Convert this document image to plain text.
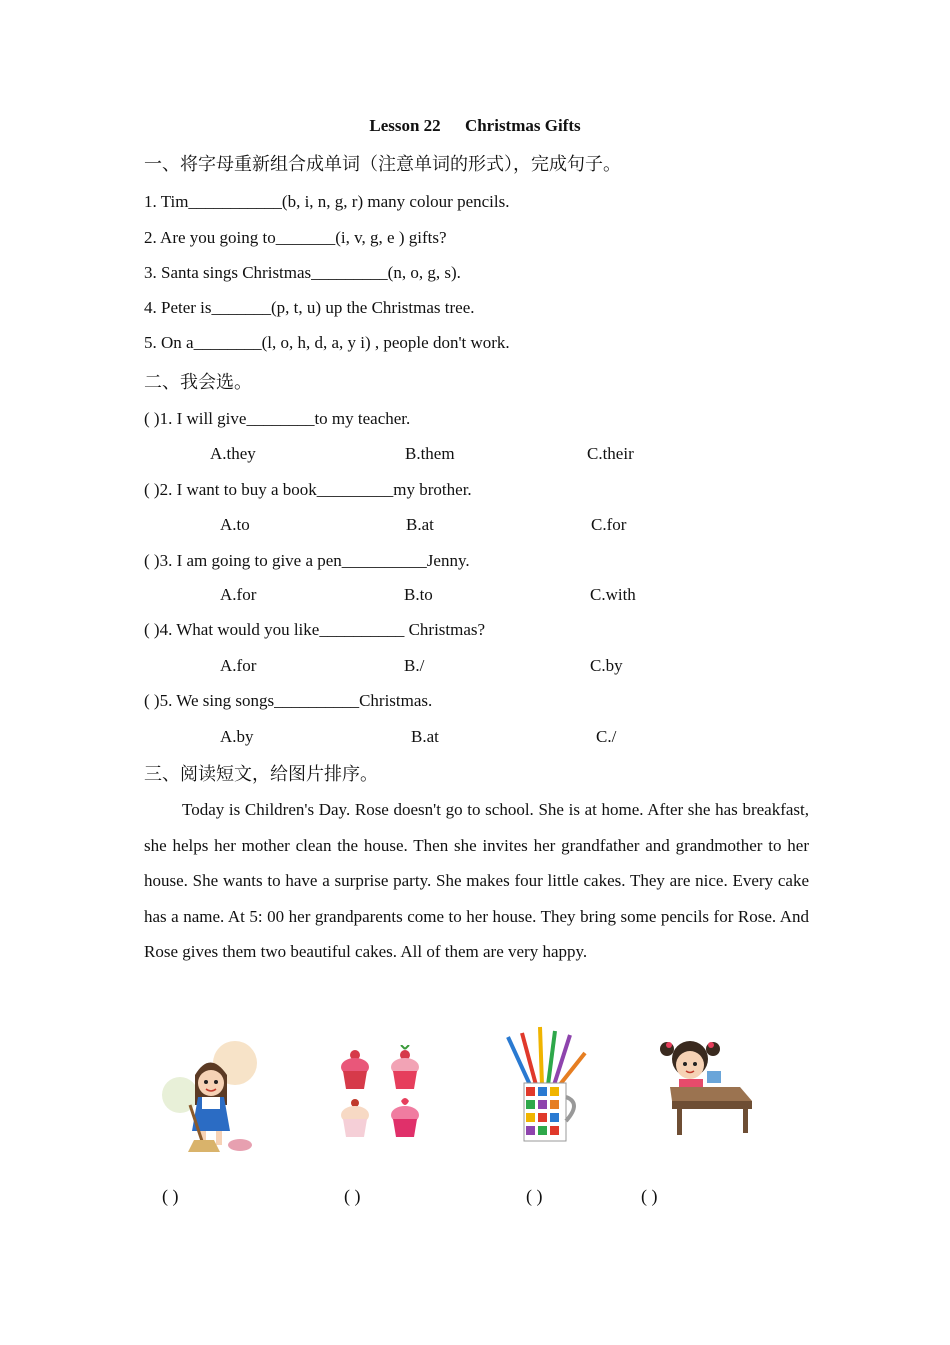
Lesson 22 Christmas Gifts
一、将字母重新组合成单词（注意单词的形式），完成句子。
1. Tim___________(b, i, n, g, r) many colour pencils.
2. Are you going to_______(i, v, g, e ) gifts?
3. Santa sings Christmas_________(n, o, g, s).
4. Peter is_______(p, t, u) up the Christmas tree.
5. On a________(l, o, h, d, a, y i) , people don't work.
二、我会选。
( )1. I will give________to my teacher.
A.they	B.them	C.their
( )2. I want to buy a book_________my brother.
A.to	B.at	C.for
( )3. I am going to give a pen__________Jenny.
A.for	B.to	C.with
( )4. What would you like__________ Christmas?
A.for	B./	C.by
( )5. We sing songs__________Christmas.
A.by	B.at	C./
三、阅读短文，给图片排序。

Today is Children's Day. Rose doesn't go to school. She is at home. After she has breakfast, she helps her mother clean the house. Then she invites her grandfather and grandmother to her house. She wants to have a surprise party. She makes four little cakes. They are nice. Every cake has a name. At 5: 00 her grandparents come to her house. They bring some pencils for Rose. And Rose gives them two beautiful cakes. All of them are very happy.

( )	( )	( )	( )
